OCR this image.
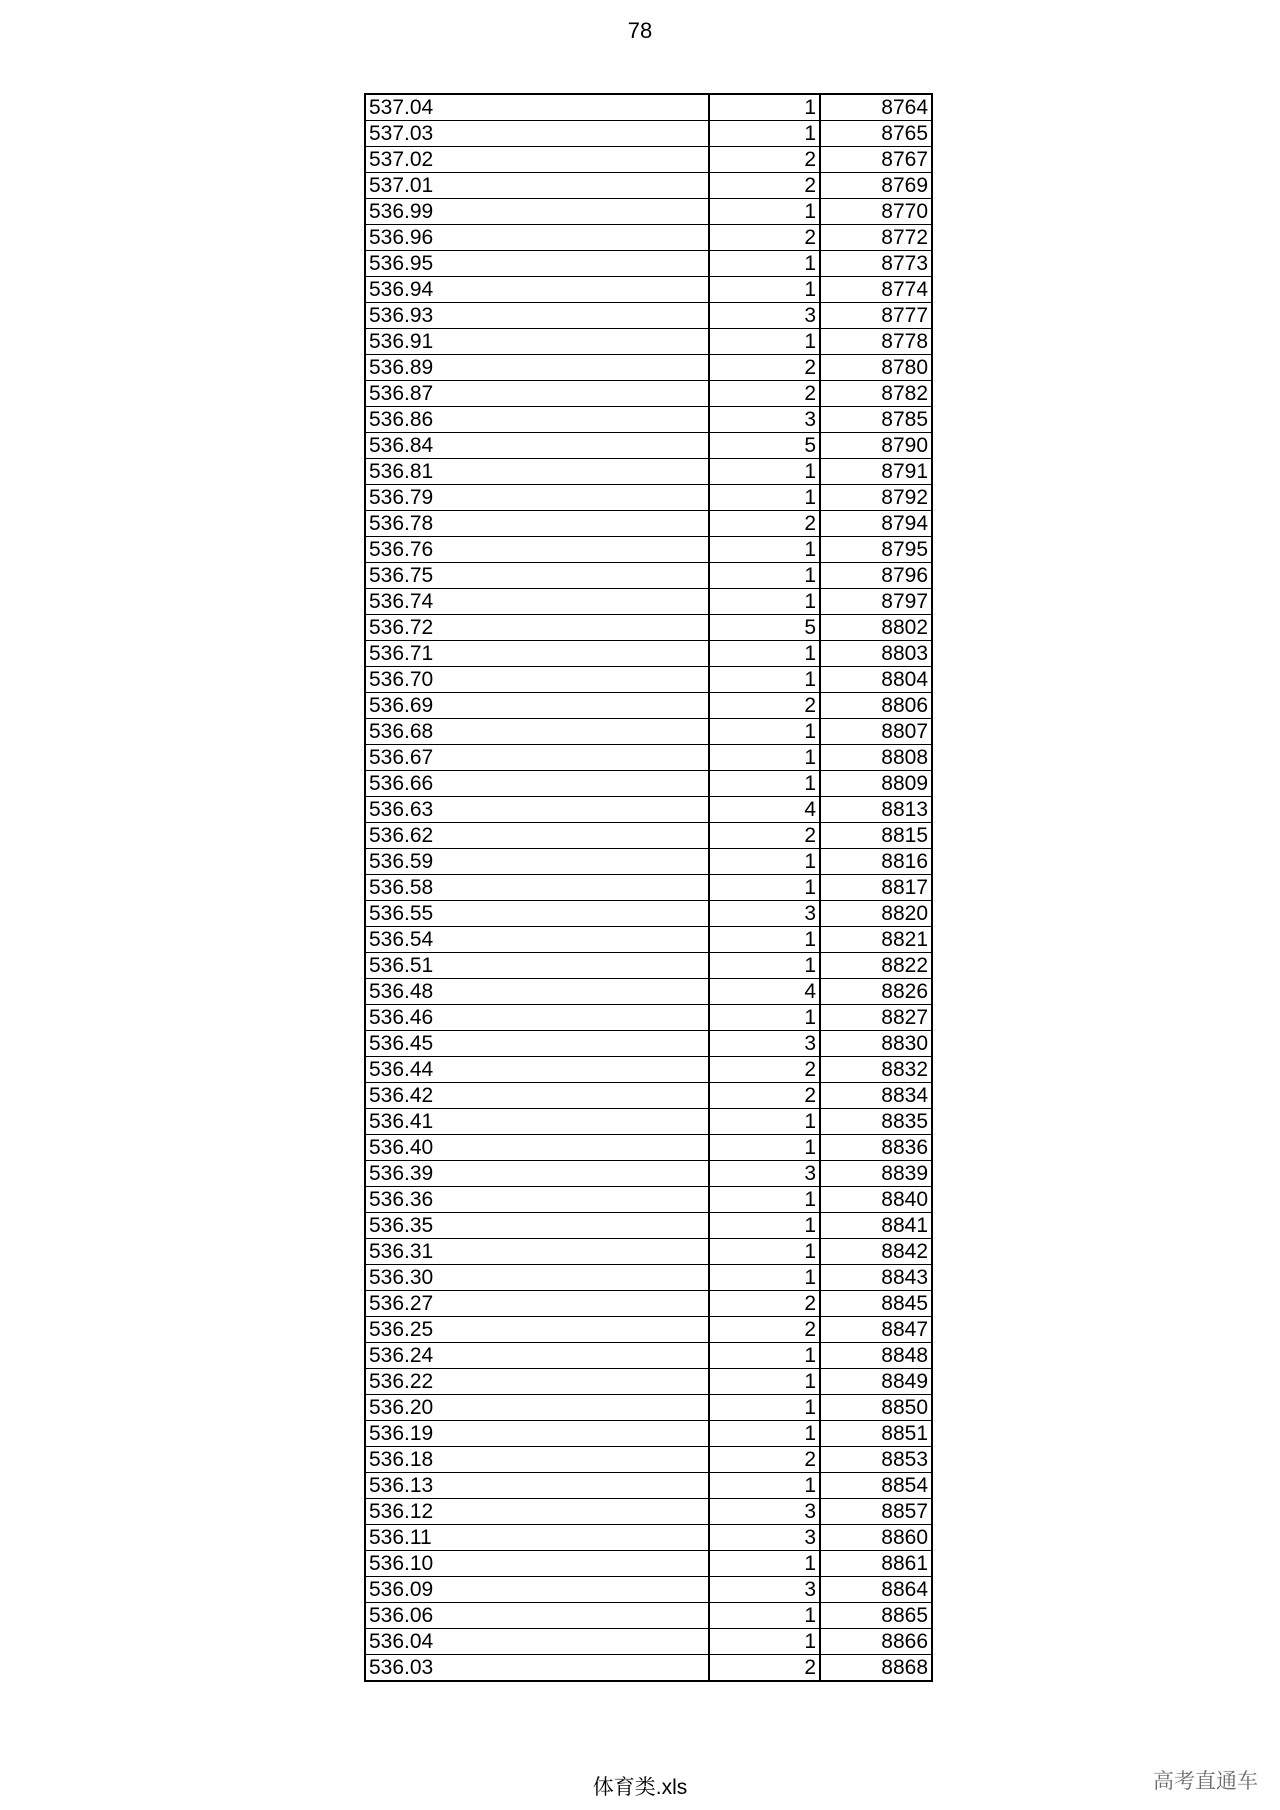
78
537.04	1	8764
537.03	1	8765
537.02	2	8767
537.01	2	8769
536.99	1	8770
536.96	2	8772
536.95	1	8773
536.94	1	8774
536.93	3	8777
536.91	1	8778
536.89	2	8780
536.87	2	8782
536.86	3	8785
536.84	5	8790
536.81	1	8791
536.79	1	8792
536.78	2	8794
536.76	1	8795
536.75	1	8796
536.74	1	8797
536.72	5	8802
536.71	1	8803
536.70	1	8804
536.69	2	8806
536.68	1	8807
536.67	1	8808
536.66	1	8809
536.63	4	8813
536.62	2	8815
536.59	1	8816
536.58	1	8817
536.55	3	8820
536.54	1	8821
536.51	1	8822
536.48	4	8826
536.46	1	8827
536.45	3	8830
536.44	2	8832
536.42	2	8834
536.41	1	8835
536.40	1	8836
536.39	3	8839
536.36	1	8840
536.35	1	8841
536.31	1	8842
536.30	1	8843
536.27	2	8845
536.25	2	8847
536.24	1	8848
536.22	1	8849
536.20	1	8850
536.19	1	8851
536.18	2	8853
536.13	1	8854
536.12	3	8857
536.11	3	8860
536.10	1	8861
536.09	3	8864
536.06	1	8865
536.04	1	8866
536.03	2	8868
体育类.xls	高考直通车
